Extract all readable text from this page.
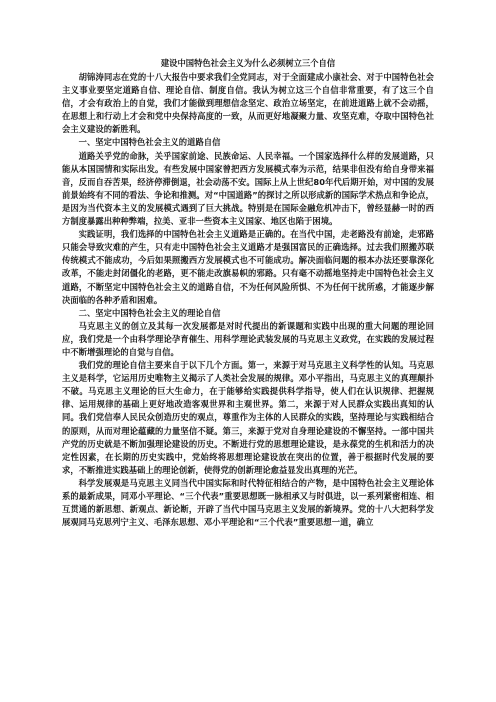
建设中国特色社会主义为什么必须树立三个自信

胡锦涛同志在党的十八大报告中要求我们全党同志，对于全面建成小康社会、对于中国特色社会主义事业要坚定道路自信、理论自信、制度自信。我认为树立这三个自信非常重要，有了这三个自信，才会有政治上的自觉，我们才能做到理想信念坚定、政治立场坚定，在前进道路上就不会动摇，在思想上和行动上才会和党中央保持高度的一致，从而更好地凝聚力量、攻坚克难，夺取中国特色社会主义建设的新胜利。

一、坚定中国特色社会主义的道路自信

道路关乎党的命脉，关乎国家前途、民族命运、人民幸福。一个国家选择什么样的发展道路，只能从本国国情和实际出发。有些发展中国家曾把西方发展模式奉为示范，结果非但没有给自身带来福音，反而自吞苦果，经济停滞倒退，社会动荡不安。国际上从上世纪80年代后期开始，对中国的发展前景始终有不同的看法、争论和推测。对“中国道路”的探讨之所以形成新的国际学术热点和争论点，是因为当代资本主义的发展模式遇到了巨大挑战。特别是在国际金融危机冲击下，曾经显赫一时的西方制度暴露出种种弊端，拉美、亚非一些资本主义国家、地区也陷于困境。

实践证明，我们选择的中国特色社会主义道路是正确的。在当代中国，走老路没有前途，走邪路只能会导致灾难的产生，只有走中国特色社会主义道路才是强国富民的正确选择。过去我们照搬苏联传统模式不能成功，今后如果照搬西方发展模式也不可能成功。解决面临问题的根本办法还要靠深化改革，不能走封闭僵化的老路，更不能走改旗易帜的邪路。只有毫不动摇地坚持走中国特色社会主义道路，不断坚定中国特色社会主义的道路自信，不为任何风险所惧、不为任何干扰所惑，才能逐步解决面临的各种矛盾和困难。

二、坚定中国特色社会主义的理论自信

马克思主义的创立及其每一次发展都是对时代提出的新课题和实践中出现的重大问题的理论回应，我们党是一个由科学理论孕育催生、用科学理论武装发展的马克思主义政党，在实践的发展过程中不断增强理论的自觉与自信。

我们党的理论自信主要来自于以下几个方面。第一，来源于对马克思主义科学性的认知。马克思主义是科学，它运用历史唯物主义揭示了人类社会发展的规律。邓小平指出，马克思主义的真理颠扑不破。马克思主义理论的巨大生命力，在于能够给实践提供科学指导，使人们在认识规律、把握规律、运用规律的基础上更好地改造客观世界和主观世界。第二，来源于对人民群众实践出真知的认同。我们党信奉人民民众创造历史的观点，尊重作为主体的人民群众的实践，坚持理论与实践相结合的原则，从而对理论蕴藏的力量坚信不疑。第三，来源于党对自身理论建设的不懈坚持。一部中国共产党的历史就是不断加强理论建设的历史。不断进行党的思想理论建设，是永葆党的生机和活力的决定性因素，在长期的历史实践中，党始终将思想理论建设放在突出的位置，善于根据时代发展的要求，不断推进实践基础上的理论创新，使得党的创新理论愈益显发出真理的光芒。

科学发展观是马克思主义同当代中国实际和时代特征相结合的产物，是中国特色社会主义理论体系的最新成果，同邓小平理论、“三个代表”重要思想既一脉相承又与时俱进，以一系列紧密相连、相互贯通的新思想、新观点、新论断，开辟了当代中国马克思主义发展的新境界。党的十八大把科学发展观同马克思列宁主义、毛泽东思想、邓小平理论和“三个代表”重要思想一道，确立
